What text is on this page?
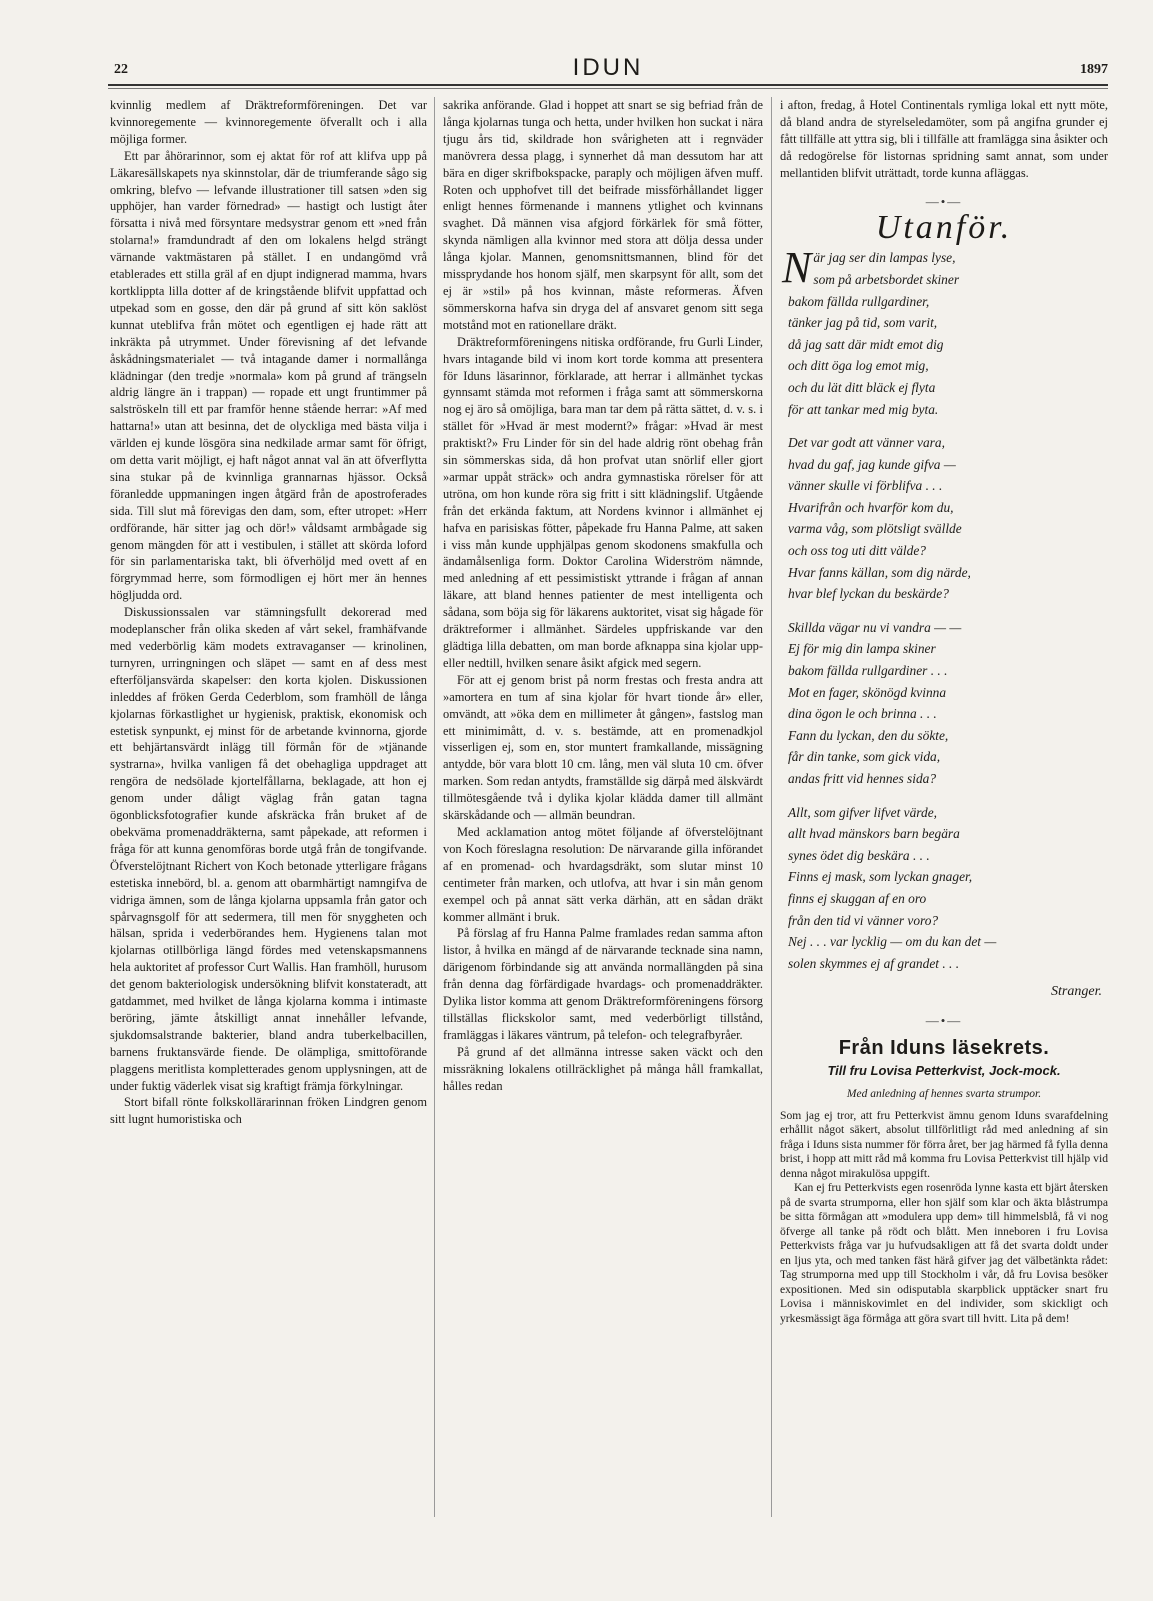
22	IDUN	1897

kvinnlig medlem af Dräktreformföreningen. Det var kvinnoregemente — kvinnoregemente öfverallt och i alla möjliga former.

Ett par åhörarinnor, som ej aktat för rof att klifva upp på Läkaresällskapets nya skinnstolar, där de triumferande sågo sig omkring, blefvo — lefvande illustrationer till satsen »den sig upphöjer, han varder förnedrad» — hastigt och lustigt åter försatta i nivå med försyntare medsystrar genom ett »ned från stolarna!» framdundradt af den om lokalens helgd strängt värnande vaktmästaren på stället. I en undangömd vrå etablerades ett stilla gräl af en djupt indignerad mamma, hvars kortklippta lilla dotter af de kringstående blifvit uppfattad och utpekad som en gosse, den där på grund af sitt kön saklöst kunnat uteblifva från mötet och egentligen ej hade rätt att inkräkta på utrymmet. Under förevisning af det lefvande åskådningsmaterialet — två intagande damer i normallånga klädningar (den tredje »normala» kom på grund af trängseln aldrig längre än i trappan) — ropade ett ungt fruntimmer på salströskeln till ett par framför henne stående herrar: »Af med hattarna!» utan att besinna, det de olyckliga med bästa vilja i världen ej kunde lösgöra sina nedkilade armar samt för öfrigt, om detta varit möjligt, ej haft något annat val än att öfverflytta sina stukar på de kvinnliga grannarnas hjässor. Också föranledde uppmaningen ingen åtgärd från de apostroferades sida. Till slut må förevigas den dam, som, efter utropet: »Herr ordförande, här sitter jag och dör!» våldsamt armbågade sig genom mängden för att i vestibulen, i stället att skörda loford för sin parlamentariska takt, bli öfverhöljd med ovett af en förgrymmad herre, som förmodligen ej hört mer än hennes högljudda ord.

Diskussionssalen var stämningsfullt dekorerad med modeplanscher från olika skeden af vårt sekel, framhäfvande med vederbörlig käm modets extravaganser — krinolinen, turnyren, urringningen och släpet — samt en af dess mest efterföljansvärda skapelser: den korta kjolen. Diskussionen inleddes af fröken Gerda Cederblom, som framhöll de långa kjolarnas förkastlighet ur hygienisk, praktisk, ekonomisk och estetisk synpunkt, ej minst för de arbetande kvinnorna, gjorde ett behjärtansvärdt inlägg till förmån för de »tjänande systrarna», hvilka vanligen få det obehagliga uppdraget att rengöra de nedsölade kjortelfållarna, beklagade, att hon ej genom under dåligt väglag från gatan tagna ögonblicksfotografier kunde afskräcka från bruket af de obekväma promenaddräkterna, samt påpekade, att reformen i fråga för att kunna genomföras borde utgå från de tongifvande. Öfverstelöjtnant Richert von Koch betonade ytterligare frågans estetiska innebörd, bl. a. genom att obarmhärtigt namngifva de vidriga ämnen, som de långa kjolarna uppsamla från gator och spårvagnsgolf för att sedermera, till men för snyggheten och hälsan, sprida i vederbörandes hem. Hygienens talan mot kjolarnas otillbörliga längd fördes med vetenskapsmannens hela auktoritet af professor Curt Wallis. Han framhöll, hurusom det genom bakteriologisk undersökning blifvit konstateradt, att gatdammet, med hvilket de långa kjolarna komma i intimaste beröring, jämte åtskilligt annat innehåller lefvande, sjukdomsalstrande bakterier, bland andra tuberkelbacillen, barnens fruktansvärde fiende. De olämpliga, smittoförande plaggens meritlista kompletterades genom upplysningen, att de under fuktig väderlek visat sig kraftigt främja förkylningar.

Stort bifall rönte folkskollärarinnan fröken Lindgren genom sitt lugnt humoristiska och

sakrika anförande. Glad i hoppet att snart se sig befriad från de långa kjolarnas tunga och hetta, under hvilken hon suckat i nära tjugu års tid, skildrade hon svårigheten att i regnväder manövrera dessa plagg, i synnerhet då man dessutom har att bära en diger skrifbokspacke, paraply och möjligen äfven muff. Roten och upphofvet till det beifrade missförhållandet ligger enligt hennes förmenande i mannens ytlighet och kvinnans svaghet. Då männen visa afgjord förkärlek för små fötter, skynda nämligen alla kvinnor med stora att dölja dessa under långa kjolar. Mannen, genomsnittsmannen, blind för det missprydande hos honom själf, men skarpsynt för allt, som det ej är »stil» på hos kvinnan, måste reformeras. Äfven sömmerskorna hafva sin dryga del af ansvaret genom sitt sega motstånd mot en rationellare dräkt.

Dräktreformföreningens nitiska ordförande, fru Gurli Linder, hvars intagande bild vi inom kort torde komma att presentera för Iduns läsarinnor, förklarade, att herrar i allmänhet tyckas gynnsamt stämda mot reformen i fråga samt att sömmerskorna nog ej äro så omöjliga, bara man tar dem på rätta sättet, d. v. s. i stället för »Hvad är mest modernt?» frågar: »Hvad är mest praktiskt?» Fru Linder för sin del hade aldrig rönt obehag från sin sömmerskas sida, då hon profvat utan snörlif eller gjort »armar uppåt sträck» och andra gymnastiska rörelser för att utröna, om hon kunde röra sig fritt i sitt klädningslif. Utgående från det erkända faktum, att Nordens kvinnor i allmänhet ej hafva en parisiskas fötter, påpekade fru Hanna Palme, att saken i viss mån kunde upphjälpas genom skodonens smakfulla och ändamålsenliga form. Doktor Carolina Widerström nämnde, med anledning af ett pessimistiskt yttrande i frågan af annan läkare, att bland hennes patienter de mest intelligenta och sådana, som böja sig för läkarens auktoritet, visat sig hågade för dräktreformer i allmänhet. Särdeles uppfriskande var den glädtiga lilla debatten, om man borde afknappa sina kjolar upp- eller nedtill, hvilken senare åsikt afgick med segern.

För att ej genom brist på norm frestas och fresta andra att »amortera en tum af sina kjolar för hvart tionde år» eller, omvändt, att »öka dem en millimeter åt gången», fastslog man ett minimimått, d. v. s. bestämde, att en promenadkjol visserligen ej, som en, stor muntert framkallande, missägning antydde, bör vara blott 10 cm. lång, men väl sluta 10 cm. öfver marken. Som redan antydts, framställde sig därpå med älskvärdt tillmötesgående två i dylika kjolar klädda damer till allmänt skärskådande och — allmän beundran.

Med acklamation antog mötet följande af öfverstelöjtnant von Koch föreslagna resolution: De närvarande gilla införandet af en promenad- och hvardagsdräkt, som slutar minst 10 centimeter från marken, och utlofva, att hvar i sin mån genom exempel och på annat sätt verka därhän, att en sådan dräkt kommer allmänt i bruk.

På förslag af fru Hanna Palme framlades redan samma afton listor, å hvilka en mängd af de närvarande tecknade sina namn, därigenom förbindande sig att använda normallängden på sina från denna dag förfärdigade hvardags- och promenaddräkter. Dylika listor komma att genom Dräktreformföreningens försorg tillställas flickskolor samt, med vederbörligt tillstånd, framläggas i läkares väntrum, på telefon- och telegrafbyråer.

På grund af det allmänna intresse saken väckt och den missräkning lokalens otillräcklighet på många håll framkallat, hålles redan

i afton, fredag, å Hotel Continentals rymliga lokal ett nytt möte, då bland andra de styrelseledamöter, som på angifna grunder ej fått tillfälle att yttra sig, bli i tillfälle att framlägga sina åsikter och då redogörelse för listornas spridning samt annat, som under mellantiden blifvit uträttadt, torde kunna afläggas.

—•—
Utanför.
N är jag ser din lampas lyse,
som på arbetsbordet skiner
bakom fällda rullgardiner,
tänker jag på tid, som varit,
då jag satt där midt emot dig
och ditt öga log emot mig,
och du lät ditt bläck ej flyta
för att tankar med mig byta.
Det var godt att vänner vara,
hvad du gaf, jag kunde gifva —
vänner skulle vi förblifva . . .
Hvarifrån och hvarför kom du,
varma våg, som plötsligt svällde
och oss tog uti ditt välde?
Hvar fanns källan, som dig närde,
hvar blef lyckan du beskärde?
Skillda vägar nu vi vandra — —
Ej för mig din lampa skiner
bakom fällda rullgardiner . . .
Mot en fager, skönögd kvinna
dina ögon le och brinna . . .
Fann du lyckan, den du sökte,
får din tanke, som gick vida,
andas fritt vid hennes sida?
Allt, som gifver lifvet värde,
allt hvad mänskors barn begära
synes ödet dig beskära . . .
Finns ej mask, som lyckan gnager,
finns ej skuggan af en oro
från den tid vi vänner voro?
Nej . . . var lycklig — om du kan det —
solen skymmes ej af grandet . . .
Stranger.
—•—
Från Iduns läsekrets.
Till fru Lovisa Petterkvist, Jock-mock.
Med anledning af hennes svarta strumpor.

Som jag ej tror, att fru Petterkvist ämnu genom Iduns svarafdelning erhållit något säkert, absolut tillförlitligt råd med anledning af sin fråga i Iduns sista nummer för förra året, ber jag härmed få fylla denna brist, i hopp att mitt råd må komma fru Lovisa Petterkvist till hjälp vid denna något mirakulösa uppgift.

Kan ej fru Petterkvists egen rosenröda lynne kasta ett bjärt återsken på de svarta strumporna, eller hon själf som klar och äkta blåstrumpa be sitta förmågan att »modulera upp dem» till himmelsblå, få vi nog öfverge all tanke på rödt och blått. Men inneboren i fru Lovisa Petterkvists fråga var ju hufvudsakligen att få det svarta doldt under en ljus yta, och med tanken fäst härå gifver jag det välbetänkta rådet: Tag strumporna med upp till Stockholm i vår, då fru Lovisa besöker expositionen. Med sin odisputabla skarpblick upptäcker snart fru Lovisa i människovimlet en del individer, som skickligt och yrkesmässigt äga förmåga att göra svart till hvitt. Lita på dem!
